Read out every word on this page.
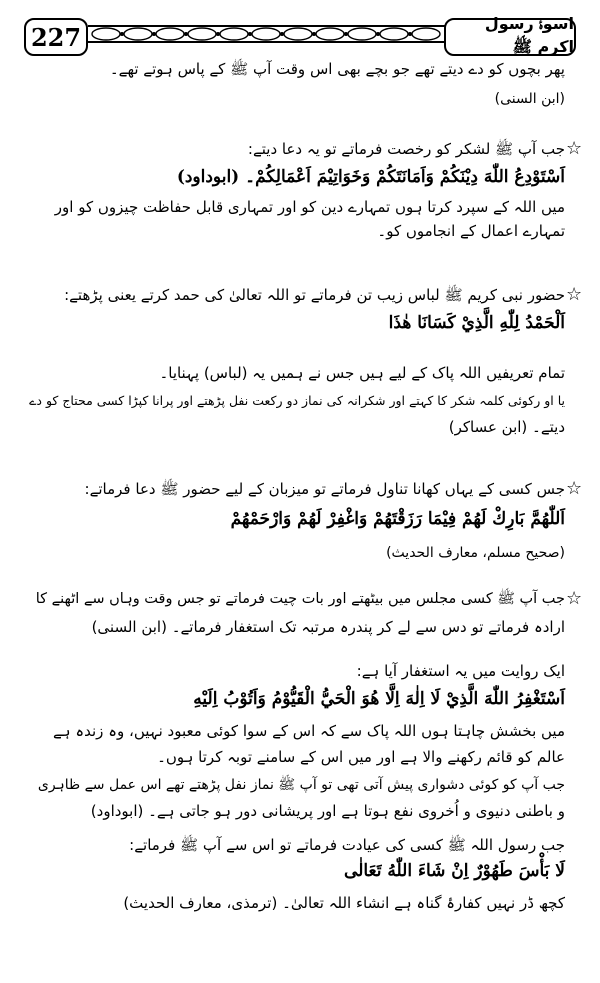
227	اسوۂ رسول اکرم ﷺ
پھر بچوں کو دے دیتے تھے جو بچے بھی اس وقت آپ ﷺ کے پاس ہوتے تھے۔
(ابن السنی)
جب آپ ﷺ لشکر کو رخصت فرماتے تو یہ دعا دیتے:
اَسْتَوْدِعُ اللّٰهَ دِيْنَكُمْ وَاَمَانَتَكُمْ وَخَوَاتِيْمَ اَعْمَالِكُمْ۔ (ابوداود)
میں اللہ کے سپرد کرتا ہوں تمہارے دین کو اور تمہاری قابل حفاظت چیزوں کو اور
تمہارے اعمال کے انجاموں کو۔
حضور نبی کریم ﷺ لباس زیب تن فرماتے تو اللہ تعالیٰ کی حمد کرتے یعنی پڑھتے:
اَلْحَمْدُ لِلّٰهِ الَّذِيْ كَسَانَا هٰذَا
تمام تعریفیں اللہ پاک کے لیے ہیں جس نے ہمیں یہ (لباس) پہنایا۔
یا او رکوئی کلمہ شکر کا کہتے اور شکرانہ کی نماز دو رکعت نفل پڑھتے اور پرانا کپڑا کسی محتاج کو دے
دیتے۔ (ابن عساکر)
جس کسی کے یہاں کھانا تناول فرماتے تو میزبان کے لیے حضور ﷺ دعا فرماتے:
اَللّٰهُمَّ بَارِكْ لَهُمْ فِيْمَا رَزَقْتَهُمْ وَاغْفِرْ لَهُمْ وَارْحَمْهُمْ
(صحیح مسلم، معارف الحدیث)
جب آپ ﷺ کسی مجلس میں بیٹھتے اور بات چیت فرماتے تو جس وقت وہاں سے اٹھنے کا
ارادہ فرماتے تو دس سے لے کر پندرہ مرتبہ تک استغفار فرماتے۔ (ابن السنی)
ایک روایت میں یہ استغفار آیا ہے:
اَسْتَغْفِرُ اللّٰهَ الَّذِيْ لَا اِلٰهَ اِلَّا هُوَ الْحَيُّ الْقَيُّوْمُ وَاَتُوْبُ اِلَيْهِ
میں بخشش چاہتا ہوں اللہ پاک سے کہ اس کے سوا کوئی معبود نہیں، وہ زندہ ہے
عالم کو قائم رکھنے والا ہے اور میں اس کے سامنے توبہ کرتا ہوں۔
جب آپ کو کوئی دشواری پیش آتی تھی تو آپ ﷺ نماز نفل پڑھتے تھے اس عمل سے ظاہری
و باطنی دنیوی و اُخروی نفع ہوتا ہے اور پریشانی دور ہو جاتی ہے۔ (ابوداود)
جب رسول اللہ ﷺ کسی کی عیادت فرماتے تو اس سے آپ ﷺ فرماتے:
لَا بَأْسَ طَهُوْرٌ اِنْ شَاءَ اللّٰهُ تَعَالٰى
کچھ ڈر نہیں کفارۂ گناہ ہے انشاء اللہ تعالیٰ۔ (ترمذی، معارف الحدیث)
☆
☆
☆
☆
